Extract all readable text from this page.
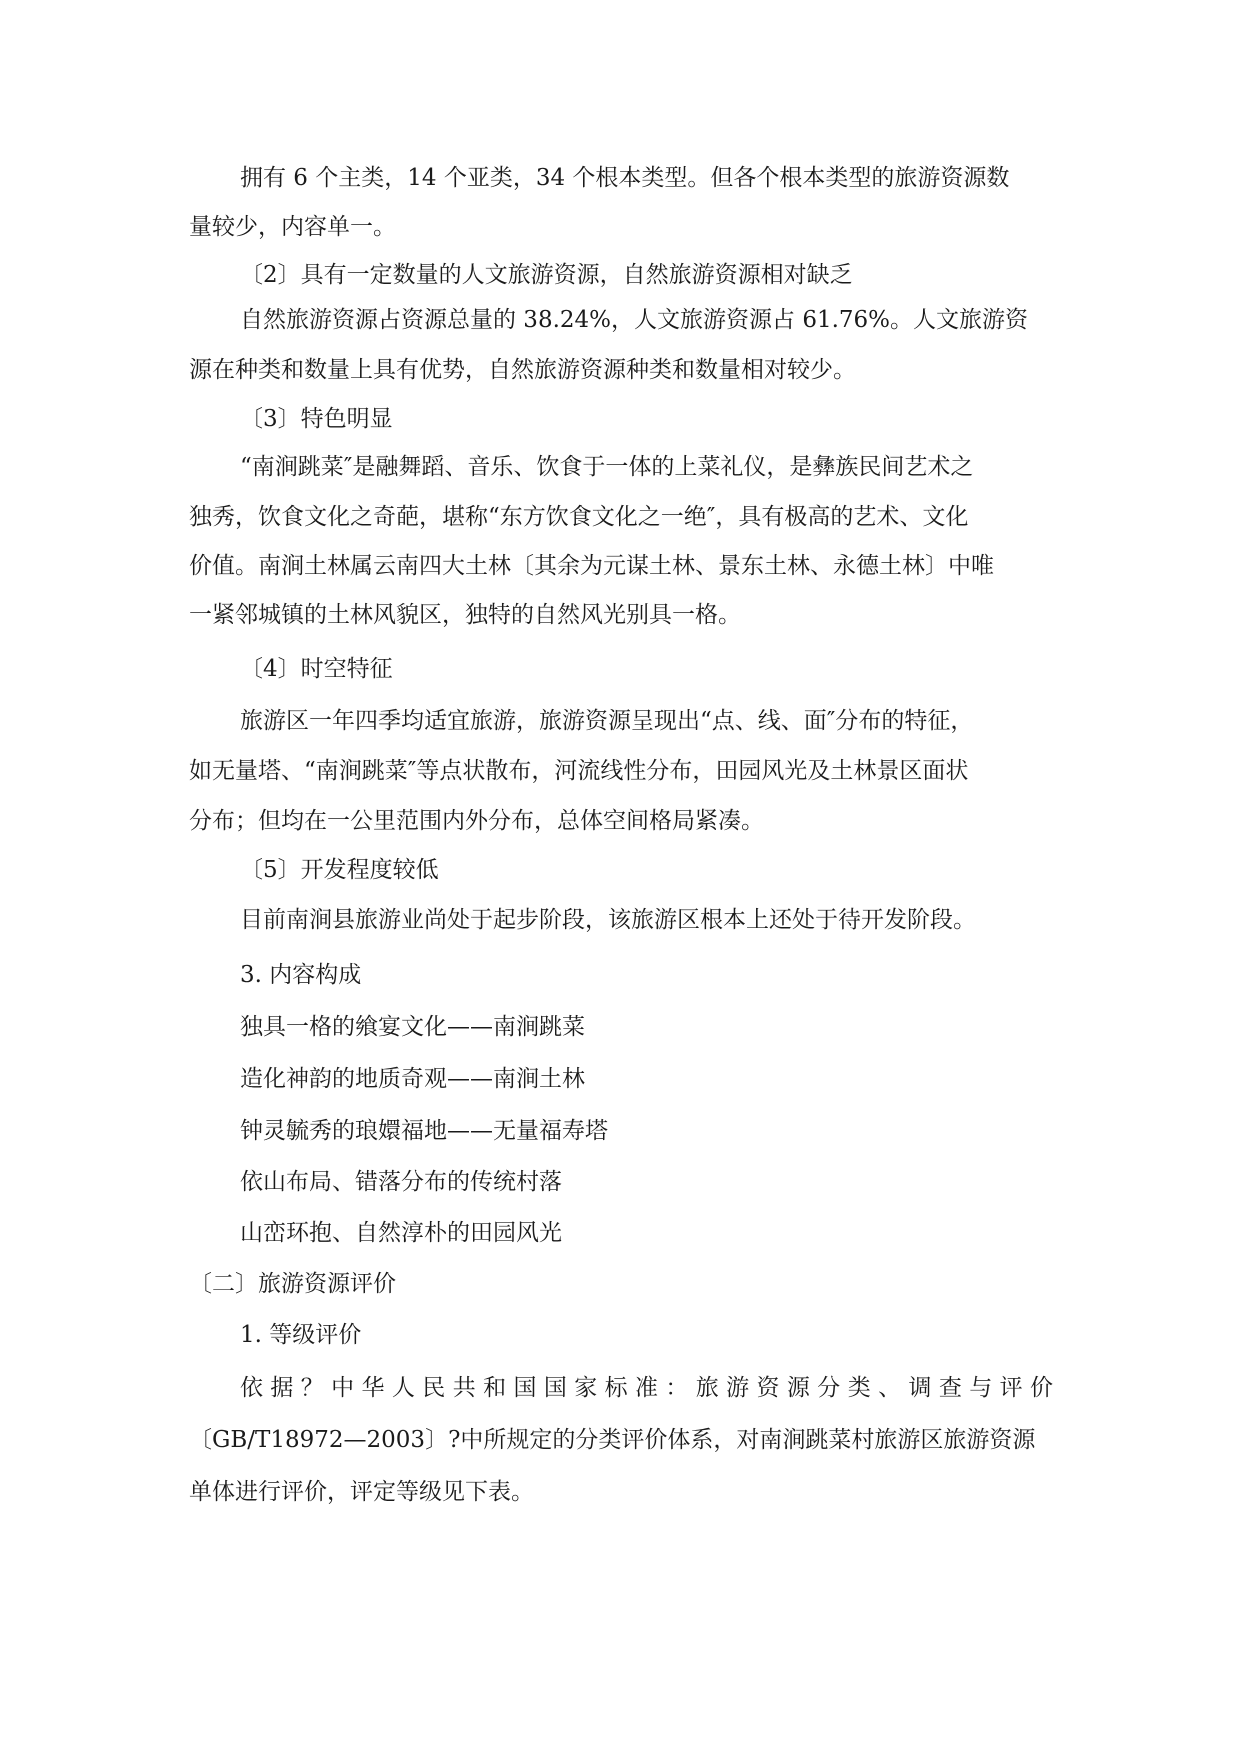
拥有 6 个主类，14 个亚类，34 个根本类型。但各个根本类型的旅游资源数
量较少，内容单一。
〔2〕具有一定数量的人文旅游资源，自然旅游资源相对缺乏
自然旅游资源占资源总量的 38.24%，人文旅游资源占 61.76%。人文旅游资
源在种类和数量上具有优势，自然旅游资源种类和数量相对较少。
〔3〕特色明显
“南涧跳菜″是融舞蹈、音乐、饮食于一体的上菜礼仪，是彝族民间艺术之
独秀，饮食文化之奇葩，堪称“东方饮食文化之一绝″，具有极高的艺术、文化
价值。南涧土林属云南四大土林〔其余为元谋土林、景东土林、永德土林〕中唯
一紧邻城镇的土林风貌区，独特的自然风光别具一格。
〔4〕时空特征
旅游区一年四季均适宜旅游，旅游资源呈现出“点、线、面″分布的特征，
如无量塔、“南涧跳菜″等点状散布，河流线性分布，田园风光及土林景区面状
分布；但均在一公里范围内外分布，总体空间格局紧凑。
〔5〕开发程度较低
目前南涧县旅游业尚处于起步阶段，该旅游区根本上还处于待开发阶段。
3. 内容构成
独具一格的飨宴文化——南涧跳菜
造化神韵的地质奇观——南涧土林
钟灵毓秀的琅嬛福地——无量福寿塔
依山布局、错落分布的传统村落
山峦环抱、自然淳朴的田园风光
〔二〕旅游资源评价
1. 等级评价
依据？中华人民共和国国家标准：旅游资源分类、调查与评价
〔GB/T18972—2003〕?中所规定的分类评价体系，对南涧跳菜村旅游区旅游资源
单体进行评价，评定等级见下表。
